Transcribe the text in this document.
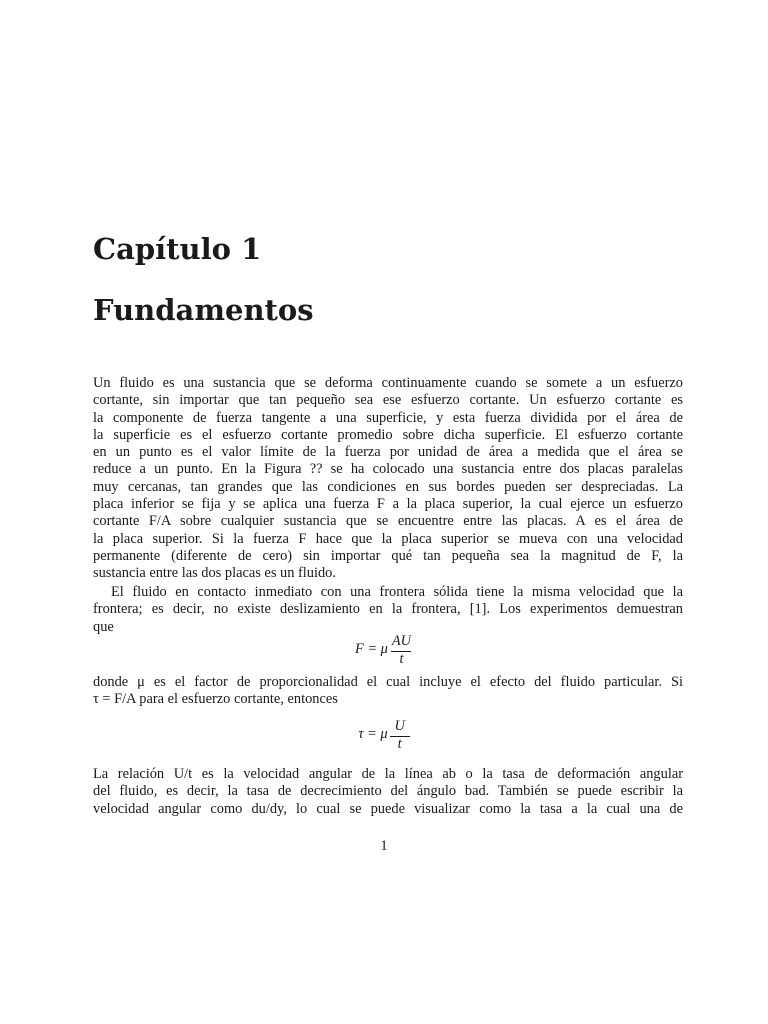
Capítulo 1
Fundamentos
Un fluido es una sustancia que se deforma continuamente cuando se somete a un esfuerzo
cortante, sin importar que tan pequeño sea ese esfuerzo cortante. Un esfuerzo cortante es
la componente de fuerza tangente a una superficie, y esta fuerza dividida por el área de
la superficie es el esfuerzo cortante promedio sobre dicha superficie. El esfuerzo cortante
en un punto es el valor límite de la fuerza por unidad de área a medida que el área se
reduce a un punto. En la Figura ?? se ha colocado una sustancia entre dos placas paralelas
muy cercanas, tan grandes que las condiciones en sus bordes pueden ser despreciadas. La
placa inferior se fija y se aplica una fuerza F a la placa superior, la cual ejerce un esfuerzo
cortante F/A sobre cualquier sustancia que se encuentre entre las placas. A es el área de
la placa superior. Si la fuerza F hace que la placa superior se mueva con una velocidad
permanente (diferente de cero) sin importar qué tan pequeña sea la magnitud de F, la
sustancia entre las dos placas es un fluido.
El fluido en contacto inmediato con una frontera sólida tiene la misma velocidad que la
frontera; es decir, no existe deslizamiento en la frontera, [1]. Los experimentos demuestran
que
F = μ $\frac{AU}{t}$
donde μ es el factor de proporcionalidad el cual incluye el efecto del fluido particular. Si
τ = F/A para el esfuerzo cortante, entonces
τ = μ $\frac{U}{t}$
La relación U/t es la velocidad angular de la línea ab o la tasa de deformación angular
del fluido, es decir, la tasa de decrecimiento del ángulo bad. También se puede escribir la
velocidad angular como du/dy, lo cual se puede visualizar como la tasa a la cual una de
1
